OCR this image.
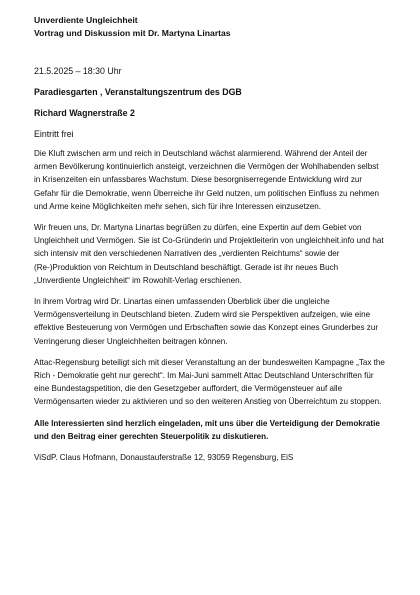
Unverdiente Ungleichheit
Vortrag und Diskussion mit Dr. Martyna Linartas
21.5.2025 – 18:30 Uhr
Paradiesgarten , Veranstaltungszentrum des DGB
Richard Wagnerstraße 2
Eintritt frei

Die Kluft zwischen arm und reich in Deutschland wächst alarmierend. Während der Anteil der armen Bevölkerung kontinuierlich ansteigt, verzeichnen die Vermögen der Wohlhabenden selbst in Krisenzeiten ein unfassbares Wachstum. Diese besorgniserregende Entwicklung wird zur Gefahr für die Demokratie, wenn Überreiche ihr Geld nutzen, um politischen Einfluss zu nehmen und Arme keine Möglichkeiten mehr sehen, sich für ihre Interessen einzusetzen.

Wir freuen uns, Dr. Martyna Linartas begrüßen zu dürfen, eine Expertin auf dem Gebiet von Ungleichheit und Vermögen. Sie ist Co-Gründerin und Projektleiterin von ungleichheit.info und hat sich intensiv mit den verschiedenen Narrativen des „verdienten Reichtums“ sowie der (Re-)Produktion von Reichtum in Deutschland beschäftigt. Gerade ist ihr neues Buch „Unverdiente Ungleichheit“ im Rowohlt-Verlag erschienen.

In ihrem Vortrag wird Dr. Linartas einen umfassenden Überblick über die ungleiche Vermögensverteilung in Deutschland bieten. Zudem wird sie Perspektiven aufzeigen, wie eine effektive Besteuerung von Vermögen und Erbschaften sowie das Konzept eines Grunderbes zur Verringerung dieser Ungleichheiten beitragen können.

Attac-Regensburg beteiligt sich mit dieser Veranstaltung an der bundesweiten Kampagne „Tax the Rich - Demokratie geht nur gerecht“. Im Mai-Juni sammelt Attac Deutschland Unterschriften für eine Bundestagspetition, die den Gesetzgeber auffordert, die Vermögensteuer auf alle Vermögensarten wieder zu aktivieren und so den weiteren Anstieg von Überreichtum zu stoppen.

Alle Interessierten sind herzlich eingeladen, mit uns über die Verteidigung der Demokratie und den Beitrag einer gerechten Steuerpolitik zu diskutieren.

ViSdP. Claus Hofmann, Donaustauferstraße 12, 93059 Regensburg, EiS
